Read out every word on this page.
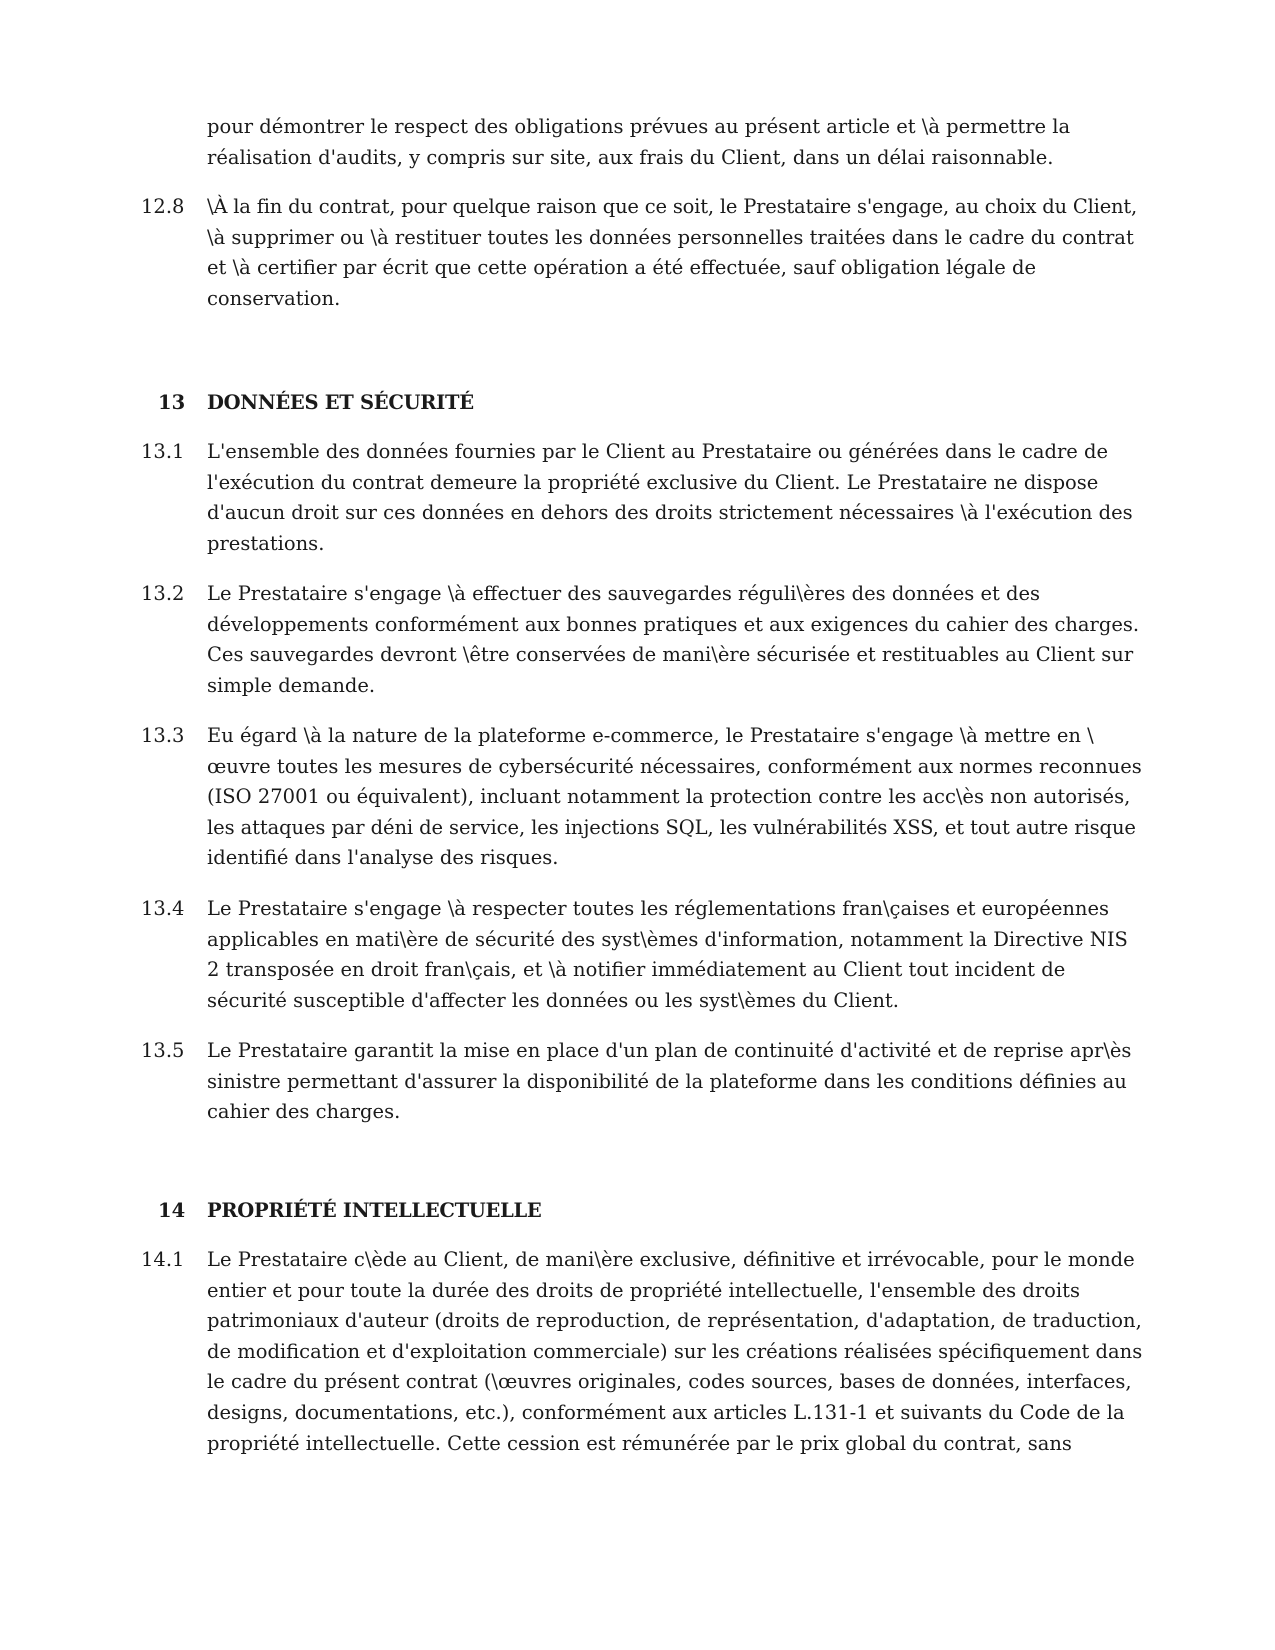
pour démontrer le respect des obligations prévues au présent article et \à permettre la
réalisation d'audits, y compris sur site, aux frais du Client, dans un délai raisonnable.
12.8 \À la fin du contrat, pour quelque raison que ce soit, le Prestataire s'engage, au choix du Client,
\à supprimer ou \à restituer toutes les données personnelles traitées dans le cadre du contrat
et \à certifier par écrit que cette opération a été effectuée, sauf obligation légale de
conservation.
13 DONNÉES ET SÉCURITÉ
13.1 L'ensemble des données fournies par le Client au Prestataire ou générées dans le cadre de
l'exécution du contrat demeure la propriété exclusive du Client. Le Prestataire ne dispose
d'aucun droit sur ces données en dehors des droits strictement nécessaires \à l'exécution des
prestations.
13.2 Le Prestataire s'engage \à effectuer des sauvegardes réguli\ères des données et des
développements conformément aux bonnes pratiques et aux exigences du cahier des charges.
Ces sauvegardes devront \être conservées de mani\ère sécurisée et restituables au Client sur
simple demande.
13.3 Eu égard \à la nature de la plateforme e-commerce, le Prestataire s'engage \à mettre en \
œuvre toutes les mesures de cybersécurité nécessaires, conformément aux normes reconnues
(ISO 27001 ou équivalent), incluant notamment la protection contre les acc\ès non autorisés,
les attaques par déni de service, les injections SQL, les vulnérabilités XSS, et tout autre risque
identifié dans l'analyse des risques.
13.4 Le Prestataire s'engage \à respecter toutes les réglementations fran\çaises et européennes
applicables en mati\ère de sécurité des syst\èmes d'information, notamment la Directive NIS
2 transposée en droit fran\çais, et \à notifier immédiatement au Client tout incident de
sécurité susceptible d'affecter les données ou les syst\èmes du Client.
13.5 Le Prestataire garantit la mise en place d'un plan de continuité d'activité et de reprise apr\ès
sinistre permettant d'assurer la disponibilité de la plateforme dans les conditions définies au
cahier des charges.
14 PROPRIÉTÉ INTELLECTUELLE
14.1 Le Prestataire c\ède au Client, de mani\ère exclusive, définitive et irrévocable, pour le monde
entier et pour toute la durée des droits de propriété intellectuelle, l'ensemble des droits
patrimoniaux d'auteur (droits de reproduction, de représentation, d'adaptation, de traduction,
de modification et d'exploitation commerciale) sur les créations réalisées spécifiquement dans
le cadre du présent contrat (\œuvres originales, codes sources, bases de données, interfaces,
designs, documentations, etc.), conformément aux articles L.131-1 et suivants du Code de la
propriété intellectuelle. Cette cession est rémunérée par le prix global du contrat, sans
